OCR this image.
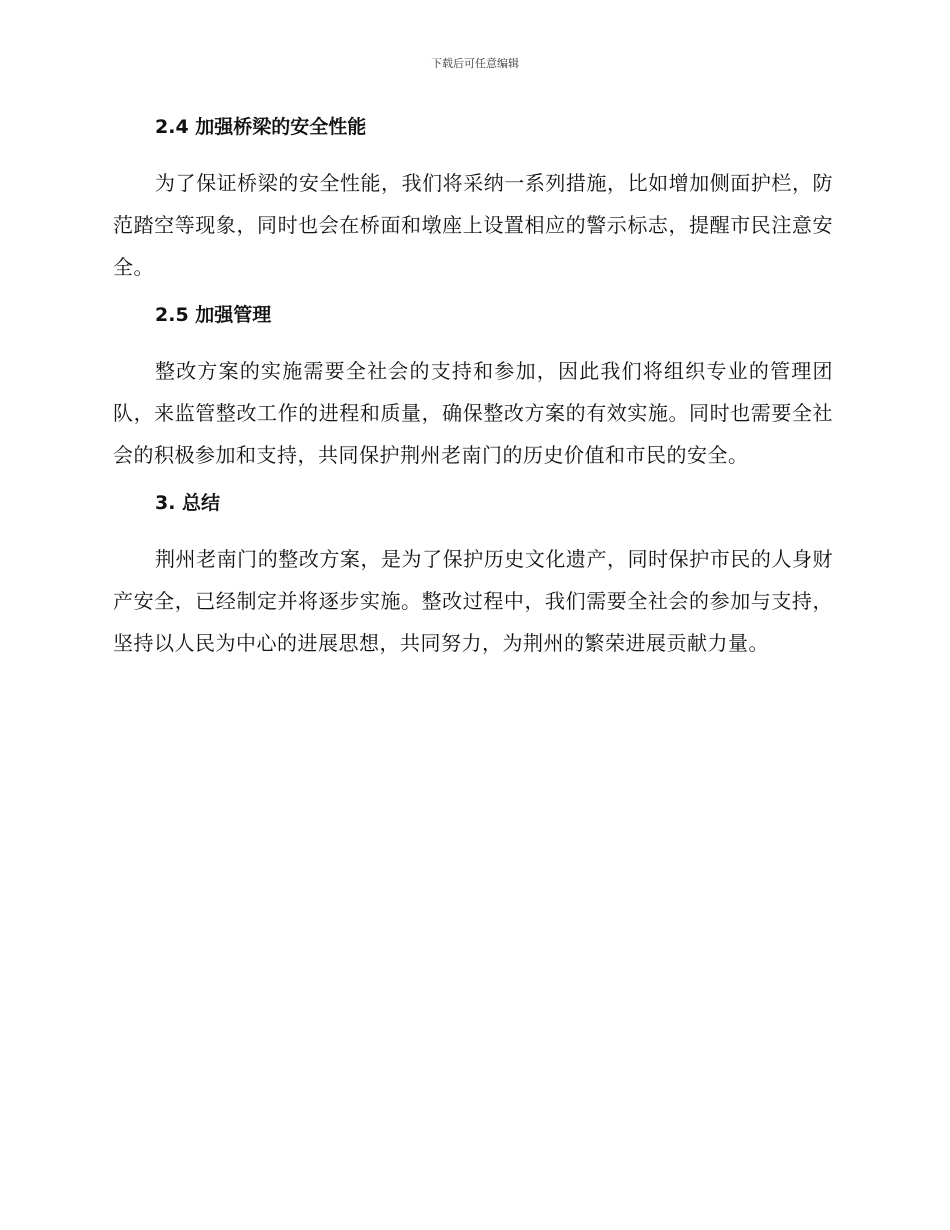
下载后可任意编辑
2.4 加强桥梁的安全性能

为了保证桥梁的安全性能，我们将采纳一系列措施，比如增加侧面护栏，防范踏空等现象，同时也会在桥面和墩座上设置相应的警示标志，提醒市民注意安全。

2.5 加强管理

整改方案的实施需要全社会的支持和参加，因此我们将组织专业的管理团队，来监管整改工作的进程和质量，确保整改方案的有效实施。同时也需要全社会的积极参加和支持，共同保护荆州老南门的历史价值和市民的安全。

3. 总结

荆州老南门的整改方案，是为了保护历史文化遗产，同时保护市民的人身财产安全，已经制定并将逐步实施。整改过程中，我们需要全社会的参加与支持，坚持以人民为中心的进展思想，共同努力，为荆州的繁荣进展贡献力量。
